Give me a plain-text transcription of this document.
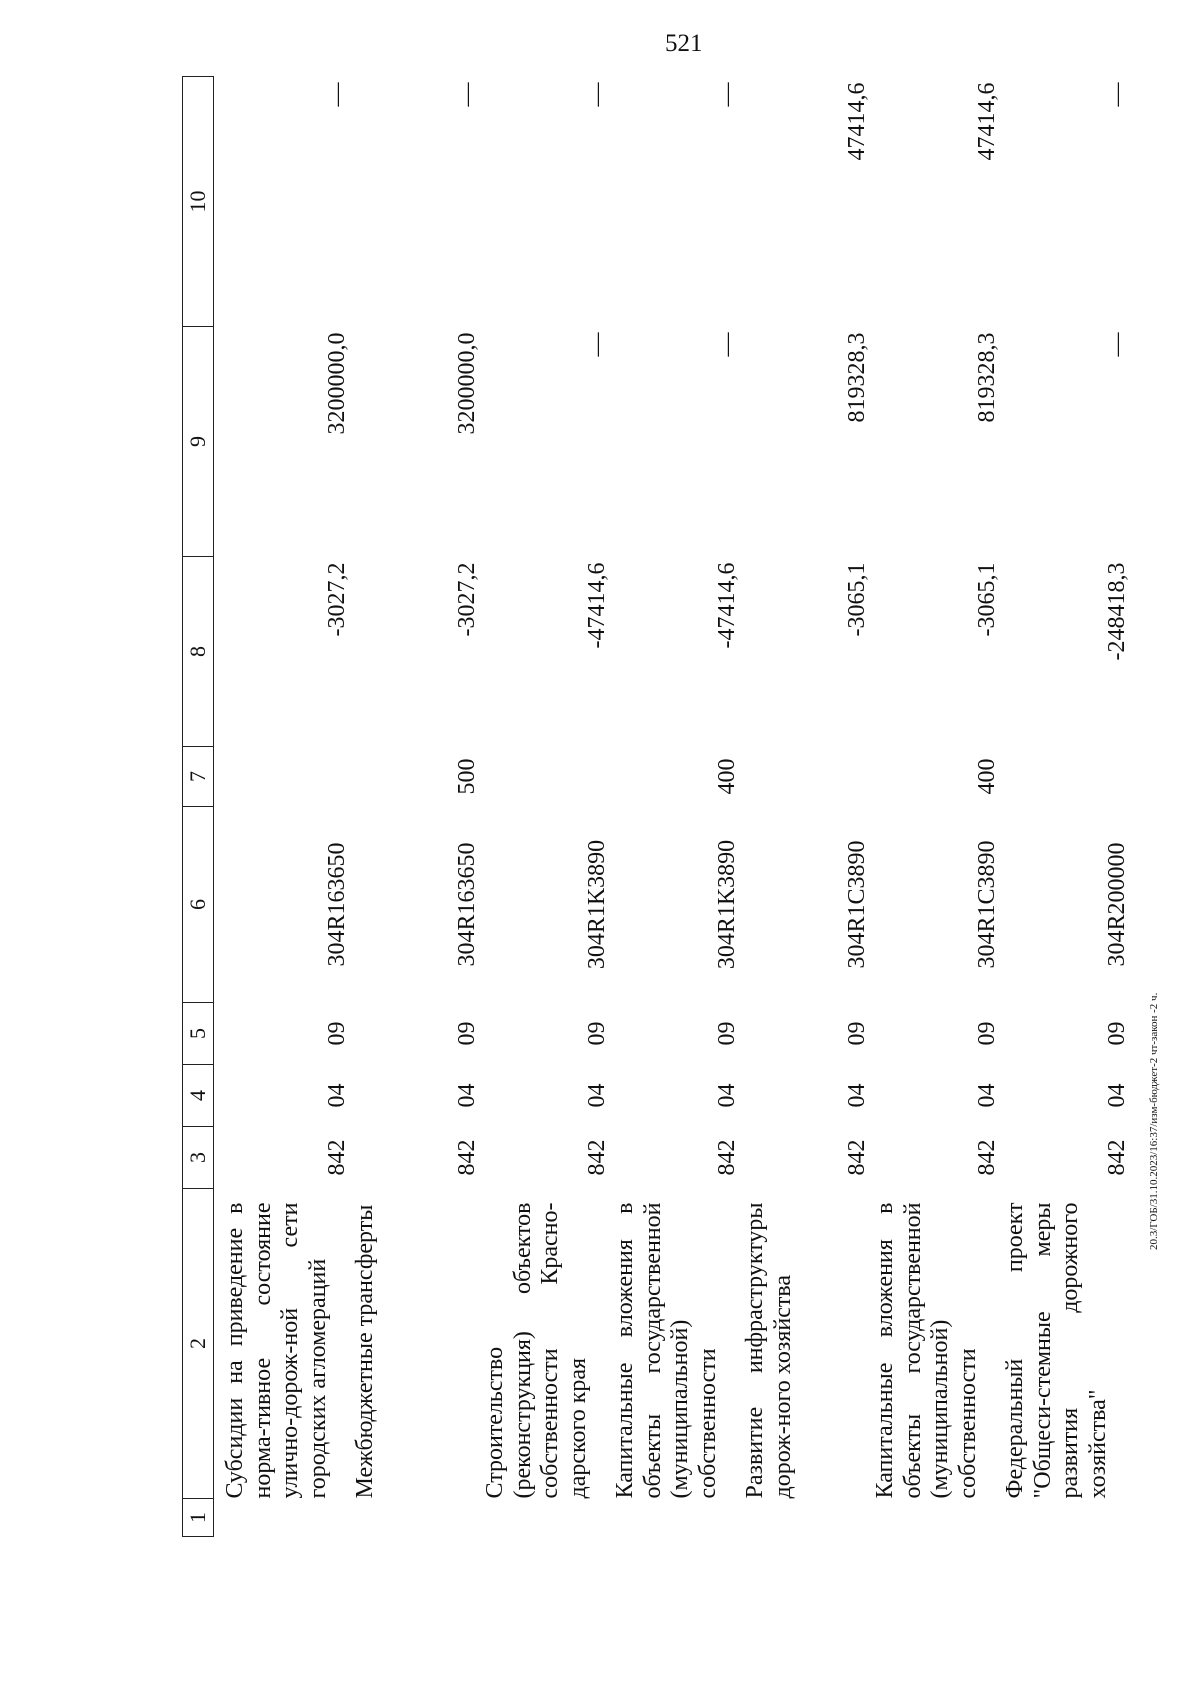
521
20.3/ГОБ/31.10.2023/16:37/изм-бюджет-2 чт-закон -2 ч.
1	2	3	4	5	6	7	8	9	10
	Субсидии на приведение в норма-тивное состояние улично-дорож-ной сети городских агломераций	842	04	09	304R163650		-3027,2	3200000,0	—
	Межбюджетные трансферты	842	04	09	304R163650	500	-3027,2	3200000,0	—
	Строительство (реконструкция) объектов собственности Красно-дарского края	842	04	09	304R1K3890		-47414,6	—	—
	Капитальные вложения в объекты государственной (муниципальной) собственности	842	04	09	304R1K3890	400	-47414,6	—	—
	Развитие инфраструктуры дорож-ного хозяйства	842	04	09	304R1C3890		-3065,1	819328,3	47414,6
	Капитальные вложения в объекты государственной (муниципальной) собственности	842	04	09	304R1C3890	400	-3065,1	819328,3	47414,6
	Федеральный проект "Общеси-стемные меры развития дорожного хозяйства"	842	04	09	304R200000		-248418,3	—	—
